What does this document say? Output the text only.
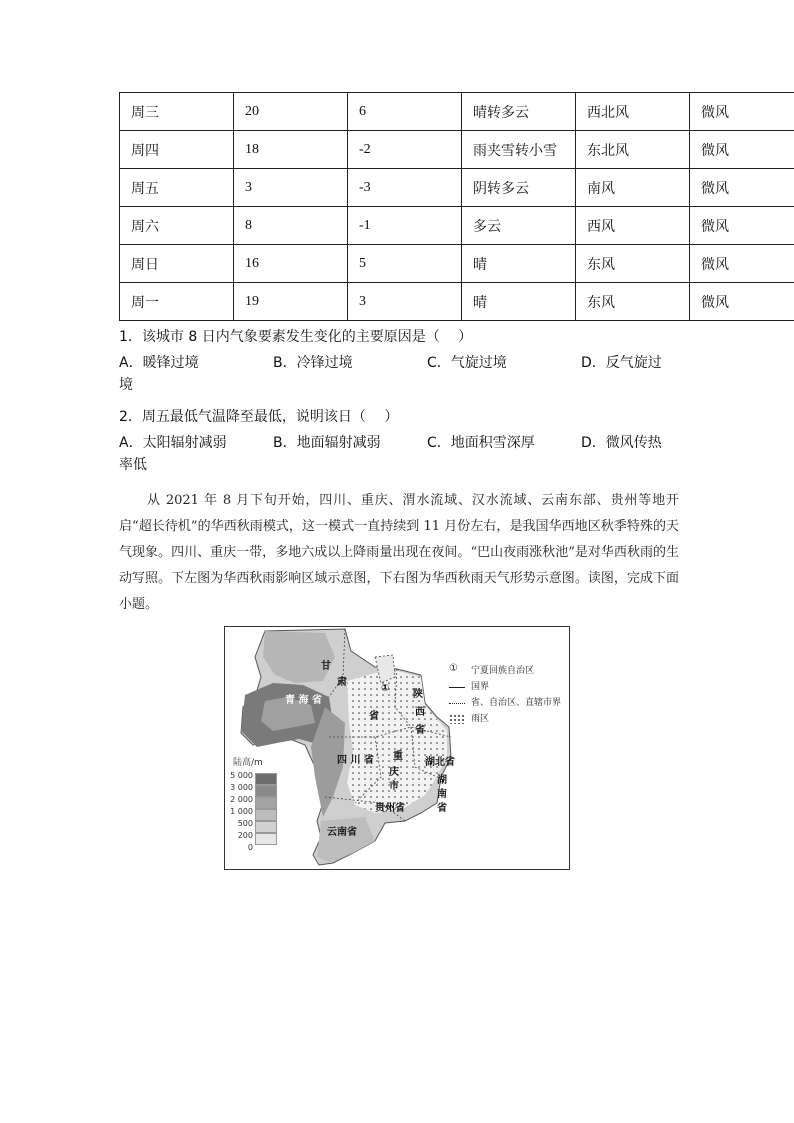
周三	20	6	晴转多云	西北风	微风
周四	18	-2	雨夹雪转小雪	东北风	微风
周五	3	-3	阴转多云	南风	微风
周六	8	-1	多云	西风	微风
周日	16	5	晴	东风	微风
周一	19	3	晴	东风	微风
1．该城市 8 日内气象要素发生变化的主要原因是（　 ）
A．暖锋过境	B．冷锋过境	C．气旋过境	D．反气旋过
境
2．周五最低气温降至最低，说明该日（　 ）
A．太阳辐射减弱	B．地面辐射减弱	C．地面积雪深厚	D．微风传热
率低

从 2021 年 8 月下旬开始，四川、重庆、渭水流域、汉水流域、云南东部、贵州等地开启“超长待机”的华西秋雨模式，这一模式一直持续到 11 月份左右，是我国华西地区秋季特殊的天气现象。四川、重庆一带，多地六成以上降雨量出现在夜间。“巴山夜雨涨秋池”是对华西秋雨的生动写照。下左图为华西秋雨影响区域示意图，下右图为华西秋雨天气形势示意图。读图，完成下面小题。

甘
肃
省
青 海 省
①
陕
西
省
四 川 省 重
庆
市
湖北省
湖
南
省
贵州省
云南省
陆高/m
5 000
3 000
2 000
1 000
500
200
0
①	宁夏回族自治区
国界
省、自治区、直辖市界
雨区
